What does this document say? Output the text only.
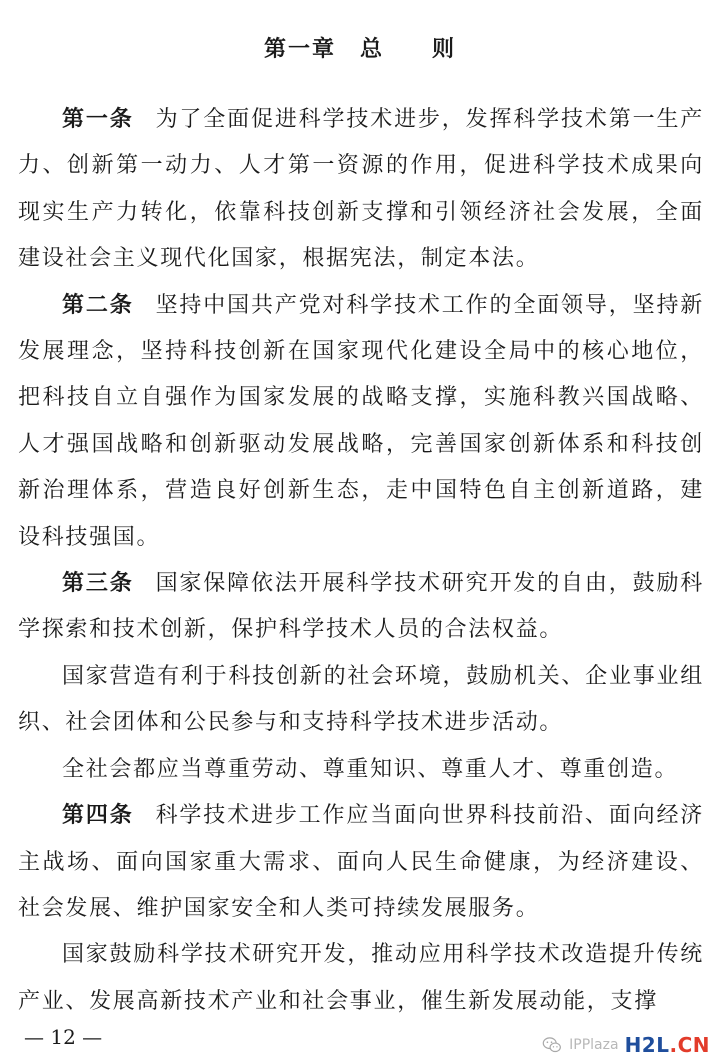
第一章　总　　则

第一条 为了全面促进科学技术进步，发挥科学技术第一生产力、创新第一动力、人才第一资源的作用，促进科学技术成果向现实生产力转化，依靠科技创新支撑和引领经济社会发展，全面建设社会主义现代化国家，根据宪法，制定本法。

第二条 坚持中国共产党对科学技术工作的全面领导，坚持新发展理念，坚持科技创新在国家现代化建设全局中的核心地位，把科技自立自强作为国家发展的战略支撑，实施科教兴国战略、人才强国战略和创新驱动发展战略，完善国家创新体系和科技创新治理体系，营造良好创新生态，走中国特色自主创新道路，建设科技强国。

第三条 国家保障依法开展科学技术研究开发的自由，鼓励科学探索和技术创新，保护科学技术人员的合法权益。

国家营造有利于科技创新的社会环境，鼓励机关、企业事业组织、社会团体和公民参与和支持科学技术进步活动。

全社会都应当尊重劳动、尊重知识、尊重人才、尊重创造。

第四条 科学技术进步工作应当面向世界科技前沿、面向经济主战场、面向国家重大需求、面向人民生命健康，为经济建设、社会发展、维护国家安全和人类可持续发展服务。

国家鼓励科学技术研究开发，推动应用科学技术改造提升传统产业、发展高新技术产业和社会事业，催生新发展动能，支撑

— 12 —	IPPlaza H2L.CN
